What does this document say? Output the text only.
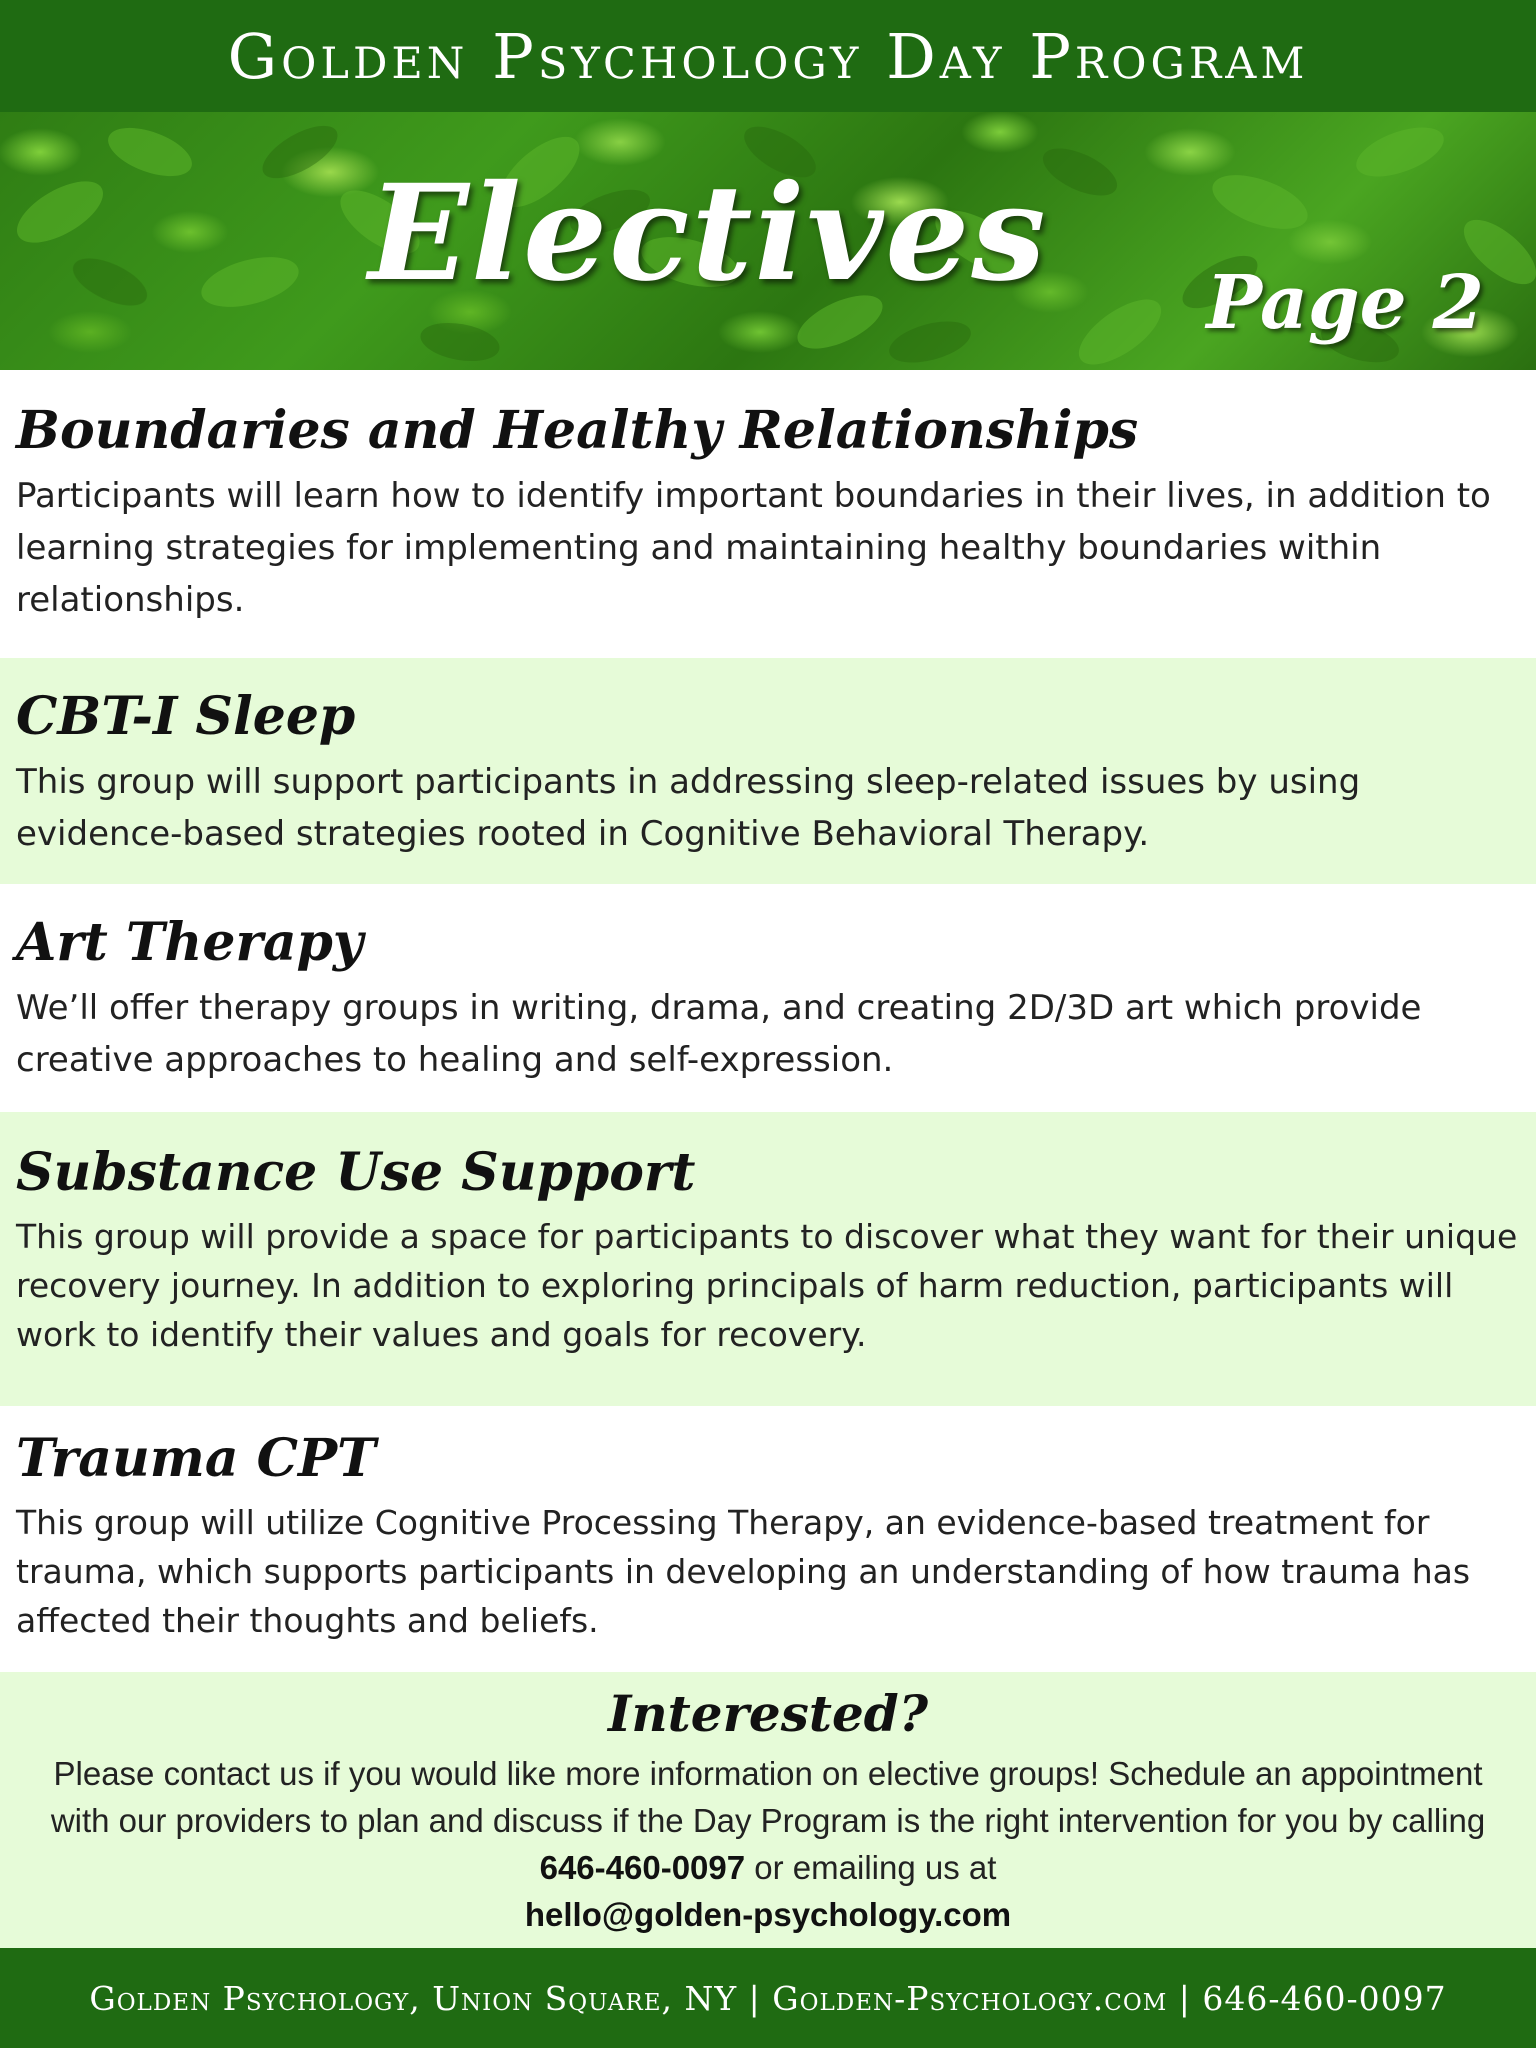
Golden Psychology Day Program
Electives	Page 2
Boundaries and Healthy Relationships

Participants will learn how to identify important boundaries in their lives, in addition to learning strategies for implementing and maintaining healthy boundaries within relationships.

CBT-I Sleep

This group will support participants in addressing sleep-related issues by using evidence-based strategies rooted in Cognitive Behavioral Therapy.

Art Therapy

We’ll offer therapy groups in writing, drama, and creating 2D/3D art which provide creative approaches to healing and self-expression.

Substance Use Support

This group will provide a space for participants to discover what they want for their unique recovery journey. In addition to exploring principals of harm reduction, participants will work to identify their values and goals for recovery.

Trauma CPT

This group will utilize Cognitive Processing Therapy, an evidence-based treatment for trauma, which supports participants in developing an understanding of how trauma has affected their thoughts and beliefs.

Interested?

Please contact us if you would like more information on elective groups! Schedule an appointment with our providers to plan and discuss if the Day Program is the right intervention for you by calling 646-460-0097 or emailing us at
hello@golden-psychology.com

Golden Psychology, Union Square, NY | Golden-Psychology.com | 646-460-0097
